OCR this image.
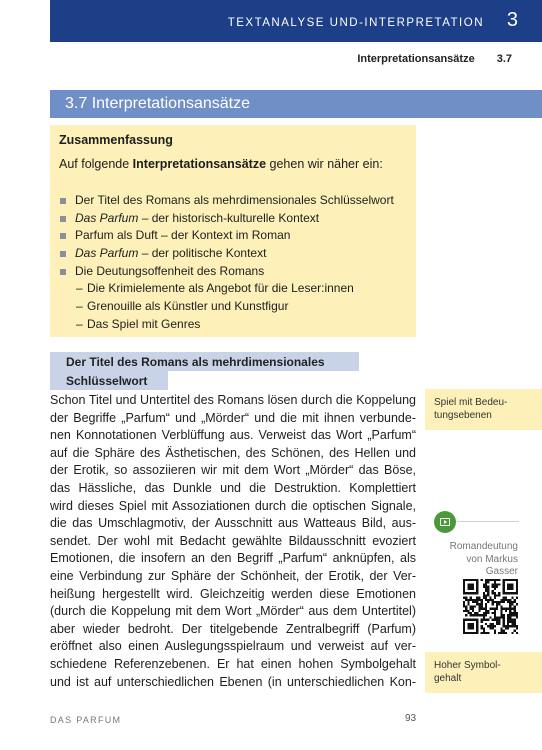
TEXTANALYSE UND-INTERPRETATION 3
Interpretationsansätze 3.7
3.7 Interpretationsansätze
Zusammenfassung
Auf folgende Interpretationsansätze gehen wir näher ein:
Der Titel des Romans als mehrdimensionales Schlüsselwort
Das Parfum – der historisch-kulturelle Kontext
Parfum als Duft – der Kontext im Roman
Das Parfum – der politische Kontext
Die Deutungsoffenheit des Romans
– Die Krimielemente als Angebot für die Leser:innen
– Grenouille als Künstler und Kunstfigur
– Das Spiel mit Genres
Der Titel des Romans als mehrdimensionales
Schlüsselwort
Schon Titel und Untertitel des Romans lösen durch die Koppelung
der Begriffe „Parfum“ und „Mörder“ und die mit ihnen verbunde-
nen Konnotationen Verblüffung aus. Verweist das Wort „Parfum“
auf die Sphäre des Ästhetischen, des Schönen, des Hellen und
der Erotik, so assoziieren wir mit dem Wort „Mörder“ das Böse,
das Hässliche, das Dunkle und die Destruktion. Komplettiert
wird dieses Spiel mit Assoziationen durch die optischen Signale,
die das Umschlagmotiv, der Ausschnitt aus Watteaus Bild, aus-
sendet. Der wohl mit Bedacht gewählte Bildausschnitt evoziert
Emotionen, die insofern an den Begriff „Parfum“ anknüpfen, als
eine Verbindung zur Sphäre der Schönheit, der Erotik, der Ver-
heißung hergestellt wird. Gleichzeitig werden diese Emotionen
(durch die Koppelung mit dem Wort „Mörder“ aus dem Untertitel)
aber wieder bedroht. Der titelgebende Zentralbegriff (Parfum)
eröffnet also einen Auslegungsspielraum und verweist auf ver-
schiedene Referenzebenen. Er hat einen hohen Symbolgehalt
und ist auf unterschiedlichen Ebenen (in unterschiedlichen Kon-
Spiel mit Bedeu-
tungsebenen
Romandeutung
von Markus
Gasser
Hoher Symbol-
gehalt
DAS PARFUM	93
